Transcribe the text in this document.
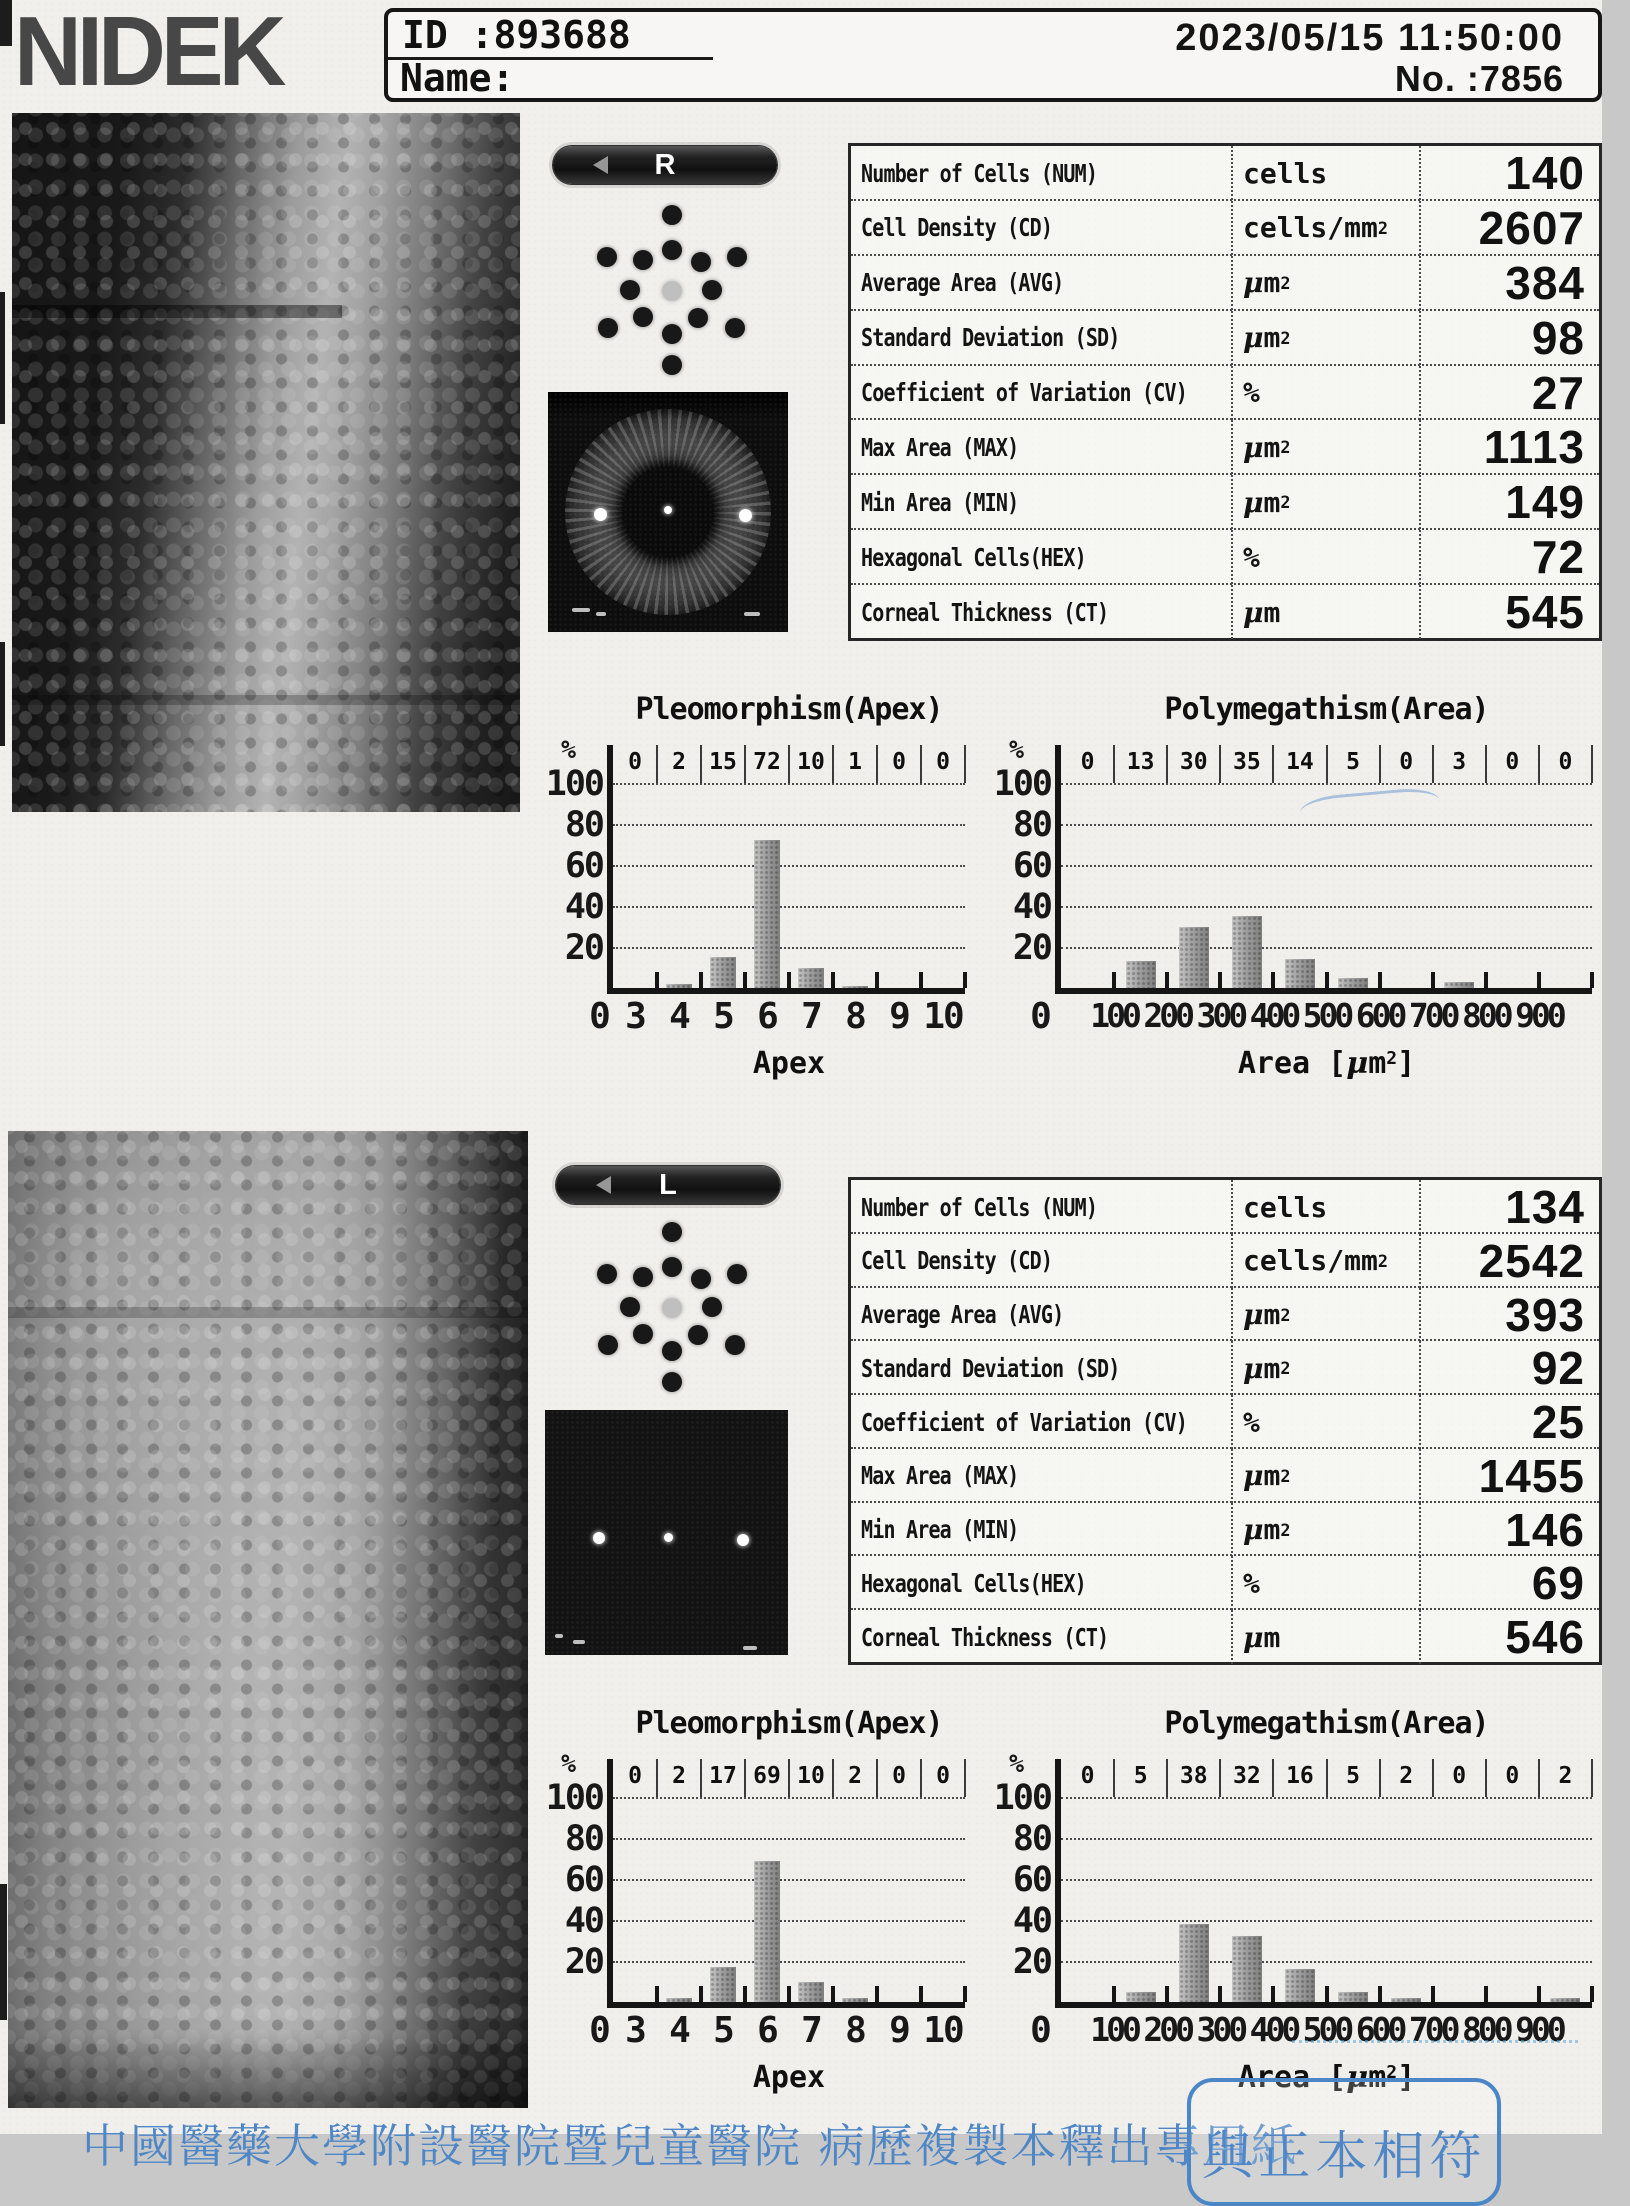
NIDEK	ID :893688
Name:
2023/05/15 11:50:00
No. :7856
R	Number of Cells (NUM)	cells	140
Cell Density (CD)	cells/mm 2	2607
Average Area (AVG)	μ m 2	384
Standard Deviation (SD)	μ m 2	98
Coefficient of Variation (CV)	%	27
Max Area (MAX)	μ m 2	1113
Min Area (MIN)	μ m 2	149
Hexagonal Cells(HEX)	%	72
Corneal Thickness (CT)	μ m	545
Pleomorphism(Apex)
%
20
40
60
80
100
0	2	15 72 10	1	0	0
0 3 4 5 6 7 8 9 10
Apex
Polymegathism(Area)
%
20
40
60
80
100
0	13	30	35	14	5	0	3	0	0
0	100 200 300 400 500 600 700 800 900
Area $[\mu m^2]$
L
Number of Cells (NUM)	cells	134
Cell Density (CD)	cells/mm 2	2542
Average Area (AVG)	μ m 2	393
Standard Deviation (SD)	μ m 2	92
Coefficient of Variation (CV)	%	25
Max Area (MAX)	μ m 2	1455
Min Area (MIN)	μ m 2	146
Hexagonal Cells(HEX)	%	69
Corneal Thickness (CT)	μ m	546
Pleomorphism(Apex)
%
20
40
60
80
100
0	2	17 69 10	2	0	0
0 3 4 5 6 7 8 9 10
Apex
Polymegathism(Area)
%
20
40
60
80
100
0	5	38	32	16	5	2	0	0	2
0	100 200 300 400 500 600 700 800 900
Area $[\mu m^2]$
中國醫藥大學附設醫院暨兒童醫院 病歷複製本釋出專用紙
與正本相符
